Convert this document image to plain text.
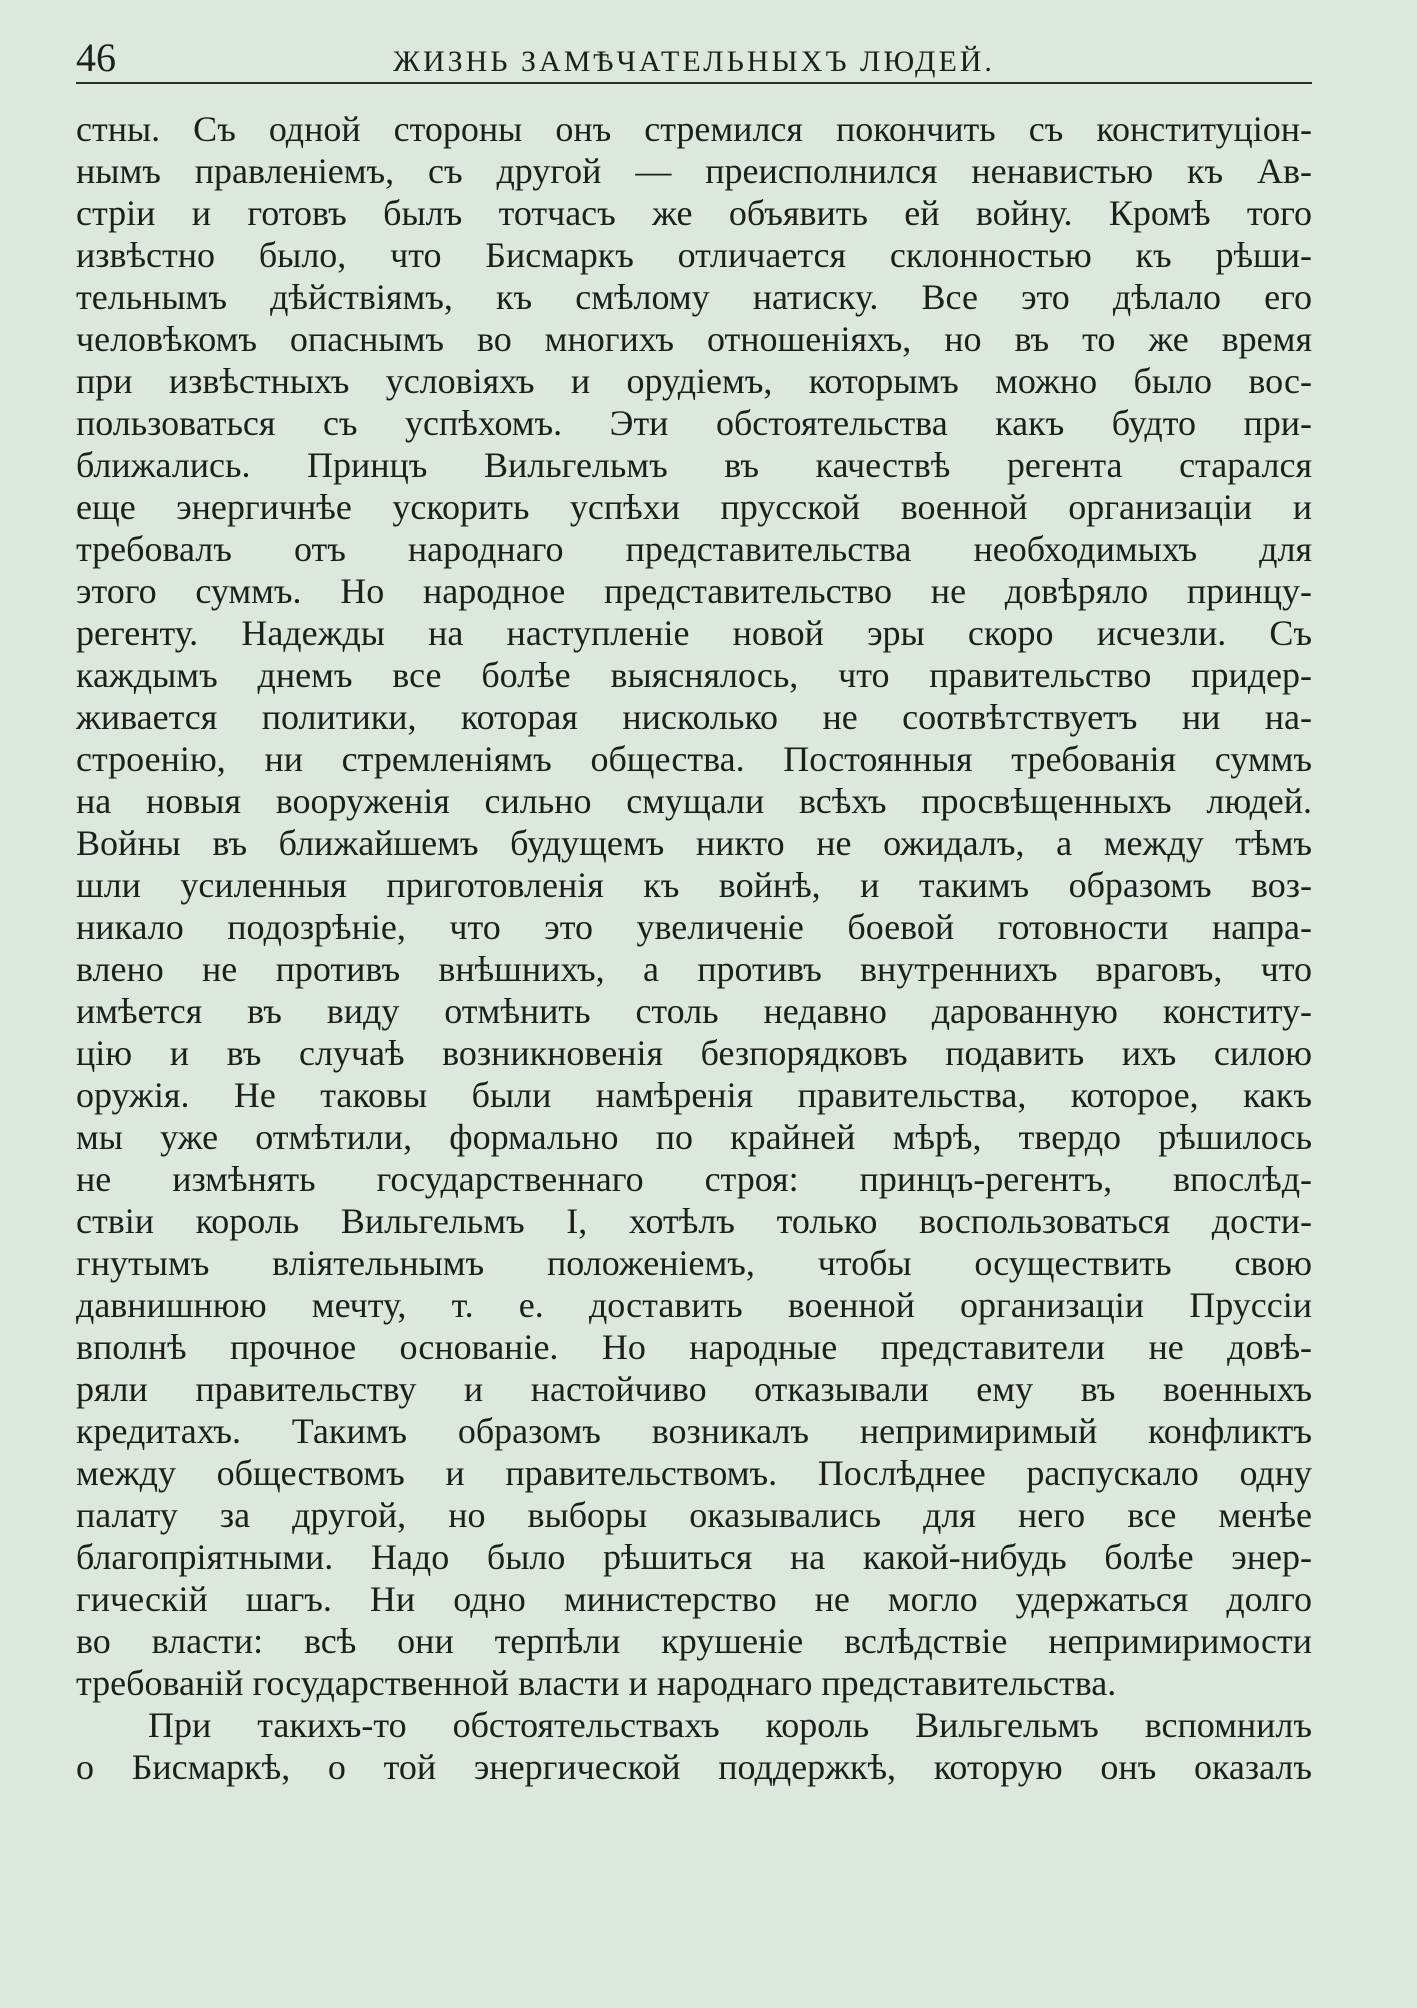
46	ЖИЗНЬ ЗАМѢЧАТЕЛЬНЫХЪ ЛЮДЕЙ.
стны. Съ одной стороны онъ стремился покончить съ конституціон-
нымъ правленіемъ, съ другой — преисполнился ненавистью къ Ав-
стріи и готовъ былъ тотчасъ же объявить ей войну. Кромѣ того
извѣстно было, что Бисмаркъ отличается склонностью къ рѣши-
тельнымъ дѣйствіямъ, къ смѣлому натиску. Все это дѣлало его
человѣкомъ опаснымъ во многихъ отношеніяхъ, но въ то же время
при извѣстныхъ условіяхъ и орудіемъ, которымъ можно было вос-
пользоваться съ успѣхомъ. Эти обстоятельства какъ будто при-
ближались. Принцъ Вильгельмъ въ качествѣ регента старался
еще энергичнѣе ускорить успѣхи прусской военной организаціи и
требовалъ отъ народнаго представительства необходимыхъ для
этого суммъ. Но народное представительство не довѣряло принцу-
регенту. Надежды на наступленіе новой эры скоро исчезли. Съ
каждымъ днемъ все болѣе выяснялось, что правительство придер-
живается политики, которая нисколько не соотвѣтствуетъ ни на-
строенію, ни стремленіямъ общества. Постоянныя требованія суммъ
на новыя вооруженія сильно смущали всѣхъ просвѣщенныхъ людей.
Войны въ ближайшемъ будущемъ никто не ожидалъ, а между тѣмъ
шли усиленныя приготовленія къ войнѣ, и такимъ образомъ воз-
никало подозрѣніе, что это увеличеніе боевой готовности напра-
влено не противъ внѣшнихъ, а противъ внутреннихъ враговъ, что
имѣется въ виду отмѣнить столь недавно дарованную конститу-
цію и въ случаѣ возникновенія безпорядковъ подавить ихъ силою
оружія. Не таковы были намѣренія правительства, которое, какъ
мы уже отмѣтили, формально по крайней мѣрѣ, твердо рѣшилось
не измѣнять государственнаго строя: принцъ-регентъ, впослѣд-
ствіи король Вильгельмъ I, хотѣлъ только воспользоваться дости-
гнутымъ вліятельнымъ положеніемъ, чтобы осуществить свою
давнишнюю мечту, т. е. доставить военной организаціи Пруссіи
вполнѣ прочное основаніе. Но народные представители не довѣ-
ряли правительству и настойчиво отказывали ему въ военныхъ
кредитахъ. Такимъ образомъ возникалъ непримиримый конфликтъ
между обществомъ и правительствомъ. Послѣднее распускало одну
палату за другой, но выборы оказывались для него все менѣе
благопріятными. Надо было рѣшиться на какой-нибудь болѣе энер-
гическій шагъ. Ни одно министерство не могло удержаться долго
во власти: всѣ они терпѣли крушеніе вслѣдствіе непримиримости
требованій государственной власти и народнаго представительства.
При такихъ-то обстоятельствахъ король Вильгельмъ вспомнилъ
о Бисмаркѣ, о той энергической поддержкѣ, которую онъ оказалъ
